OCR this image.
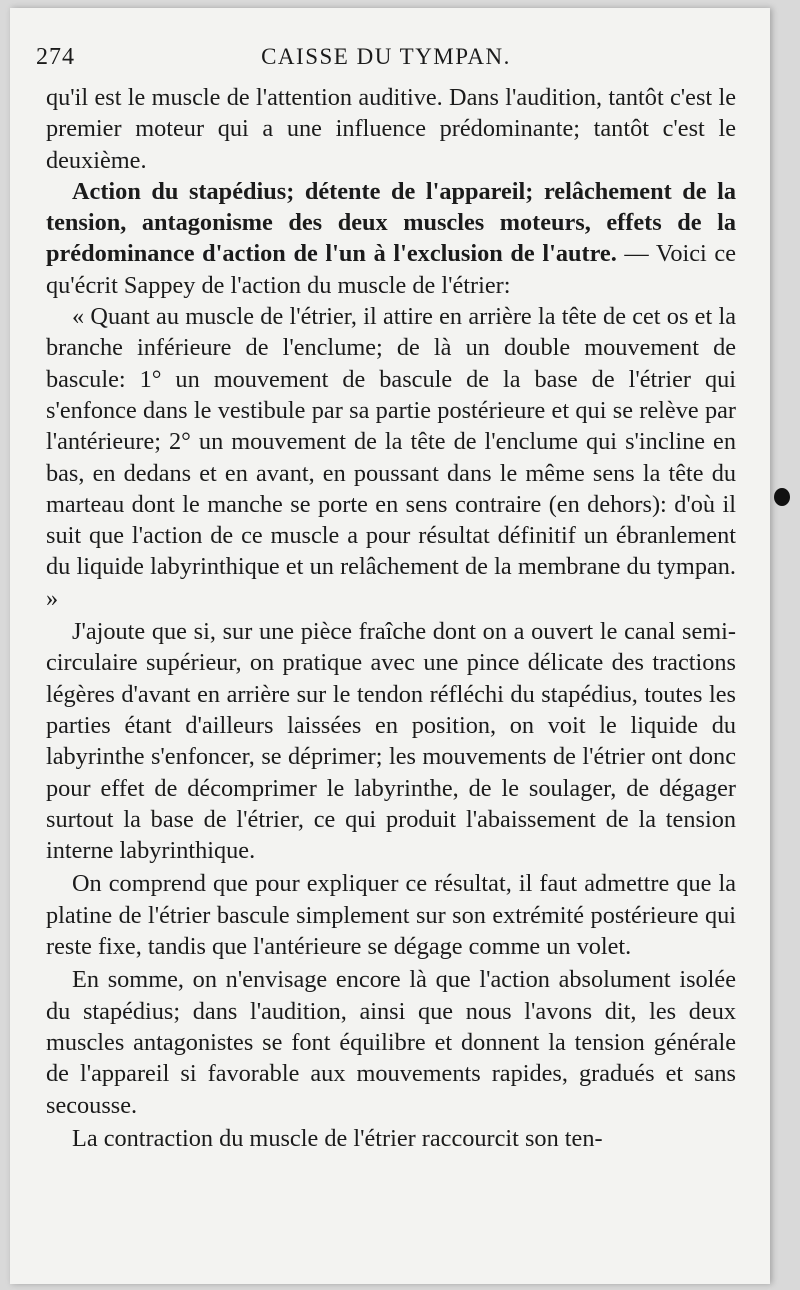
274	CAISSE DU TYMPAN.

qu'il est le muscle de l'attention auditive. Dans l'audition, tantôt c'est le premier moteur qui a une influence prédominante; tantôt c'est le deuxième.

Action du stapédius; détente de l'appareil; relâchement de la tension, antagonisme des deux muscles moteurs, effets de la prédominance d'action de l'un à l'exclusion de l'autre. — Voici ce qu'écrit Sappey de l'action du muscle de l'étrier:

« Quant au muscle de l'étrier, il attire en arrière la tête de cet os et la branche inférieure de l'enclume; de là un double mouvement de bascule: 1° un mouvement de bascule de la base de l'étrier qui s'enfonce dans le vestibule par sa partie postérieure et qui se relève par l'antérieure; 2° un mouvement de la tête de l'enclume qui s'incline en bas, en dedans et en avant, en poussant dans le même sens la tête du marteau dont le manche se porte en sens contraire (en dehors): d'où il suit que l'action de ce muscle a pour résultat définitif un ébranlement du liquide labyrinthique et un relâchement de la membrane du tympan. »

J'ajoute que si, sur une pièce fraîche dont on a ouvert le canal semi-circulaire supérieur, on pratique avec une pince délicate des tractions légères d'avant en arrière sur le tendon réfléchi du stapédius, toutes les parties étant d'ailleurs laissées en position, on voit le liquide du labyrinthe s'enfoncer, se déprimer; les mouvements de l'étrier ont donc pour effet de décomprimer le labyrinthe, de le soulager, de dégager surtout la base de l'étrier, ce qui produit l'abaissement de la tension interne labyrinthique.

On comprend que pour expliquer ce résultat, il faut admettre que la platine de l'étrier bascule simplement sur son extrémité postérieure qui reste fixe, tandis que l'antérieure se dégage comme un volet.

En somme, on n'envisage encore là que l'action absolument isolée du stapédius; dans l'audition, ainsi que nous l'avons dit, les deux muscles antagonistes se font équilibre et donnent la tension générale de l'appareil si favorable aux mouvements rapides, gradués et sans secousse.

La contraction du muscle de l'étrier raccourcit son ten-
